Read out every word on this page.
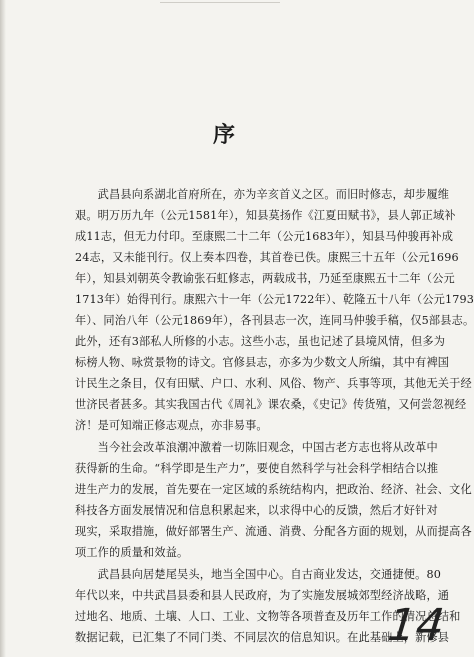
序
　　武昌县向系湖北首府所在，亦为辛亥首义之区。而旧时修志，却步履维
艰。明万历九年（公元1581年），知县莫扬作《江夏田赋书》，县人郭正域补
成11志，但无力付印。至康熙二十二年（公元1683年），知县马仲骏再补成
24志，又未能刊行。仅上奏本四卷，其首卷已佚。康熙三十五年（公元1696
年），知县刘朝英令教谕张石虹修志，两载成书，乃延至康熙五十二年（公元
1713年）始得刊行。康熙六十一年（公元1722年）、乾隆五十八年（公元1793
年）、同治八年（公元1869年），各刊县志一次，连同马仲骏手稿，仅5部县志。
此外，还有3部私人所修的小志。这些小志，虽也记述了县境风情，但多为
标榜人物、咏赏景物的诗文。官修县志，亦多为少数文人所编，其中有裨国
计民生之条目，仅有田赋、户口、水利、风俗、物产、兵事等项，其他无关于经
世济民者甚多。其实我国古代《周礼》课农桑，《史记》传货殖，又何尝忽视经
济！是可知端正修志观点，亦非易事。
　　当今社会改革浪潮冲激着一切陈旧观念，中国古老方志也将从改革中
获得新的生命。“科学即是生产力”，要使自然科学与社会科学相结合以推
进生产力的发展，首先要在一定区域的系统结构内，把政治、经济、社会、文化
科技各方面发展情况和信息积累起来，以求得中心的反馈，然后才好针对
现实，采取措施，做好部署生产、流通、消费、分配各方面的规划，从而提高各
项工作的质量和效益。
　　武昌县向居楚尾吴头，地当全国中心。自古商业发达，交通捷便。80
年代以来，中共武昌县委和县人民政府，为了实施发展城郊型经济战略，通
过地名、地质、土壤、人口、工业、文物等各项普查及历年工作的情况总结和
数据记载，已汇集了不同门类、不同层次的信息知识。在此基础上，新修县
14
